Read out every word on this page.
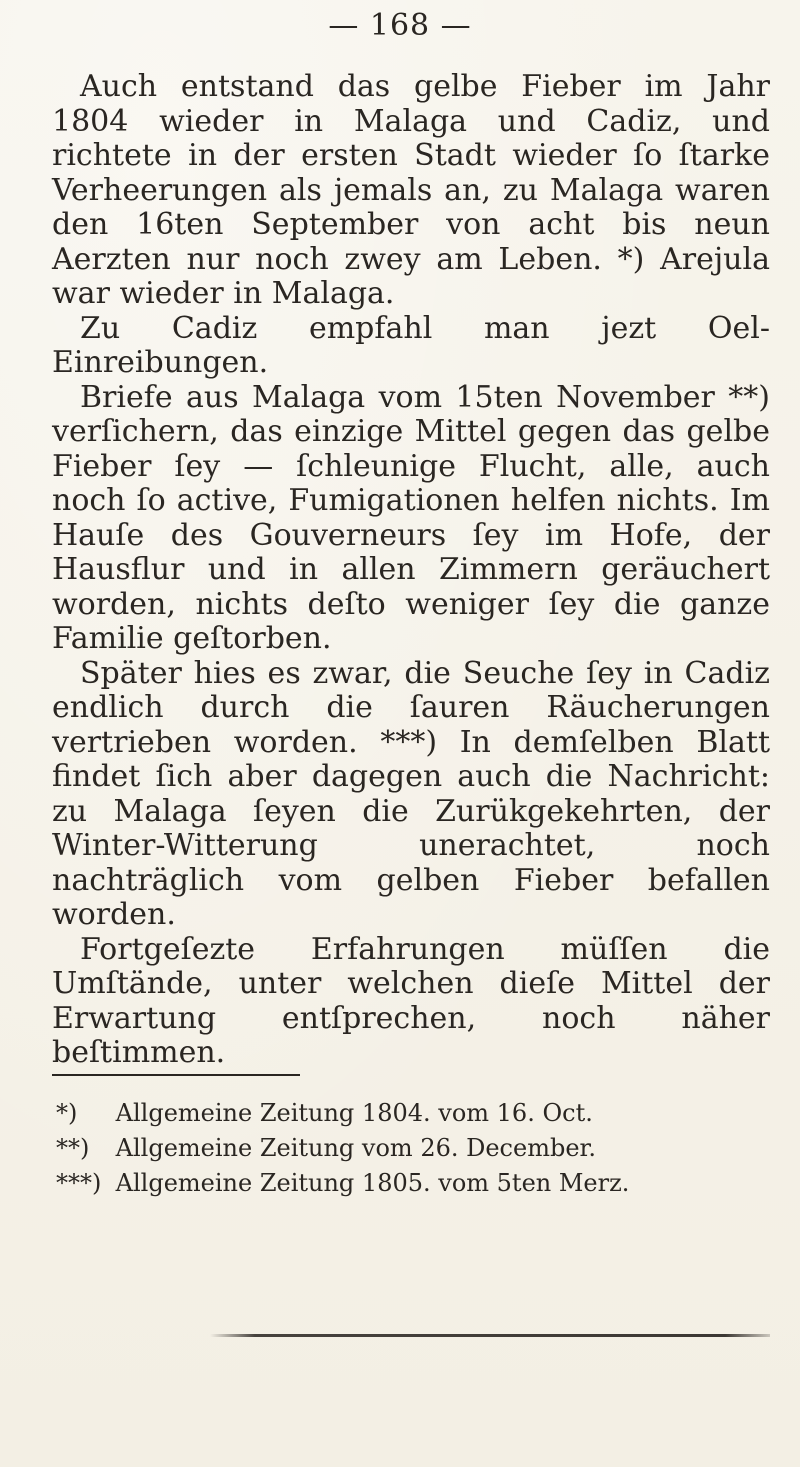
— 168 —

Auch entstand das gelbe Fieber im Jahr 1804 wieder in Malaga und Cadiz, und richtete in der ersten Stadt wieder ſo ſtarke Verheerungen als jemals an, zu Malaga waren den 16ten September von acht bis neun Aerzten nur noch zwey am Leben. *) Arejula war wieder in Malaga.

Zu Cadiz empfahl man jezt Oel-Einreibungen.

Briefe aus Malaga vom 15ten November **) verſichern, das einzige Mittel gegen das gelbe Fieber ſey — ſchleunige Flucht, alle, auch noch ſo active, Fumigationen helfen nichts. Im Hauſe des Gouverneurs ſey im Hofe, der Hausflur und in allen Zimmern geräuchert worden, nichts deſto weniger ſey die ganze Familie geſtorben.

Später hies es zwar, die Seuche ſey in Cadiz endlich durch die ſauren Räucherungen vertrieben worden. ***) In demſelben Blatt findet ſich aber dagegen auch die Nachricht: zu Malaga ſeyen die Zurükgekehrten, der Winter-Witterung unerachtet, noch nachträglich vom gelben Fieber befallen worden.

Fortgeſezte Erfahrungen müſſen die Umſtände, unter welchen dieſe Mittel der Erwartung entſprechen, noch näher beſtimmen.

*) Allgemeine Zeitung 1804. vom 16. Oct.
**) Allgemeine Zeitung vom 26. December.
***) Allgemeine Zeitung 1805. vom 5ten Merz.
